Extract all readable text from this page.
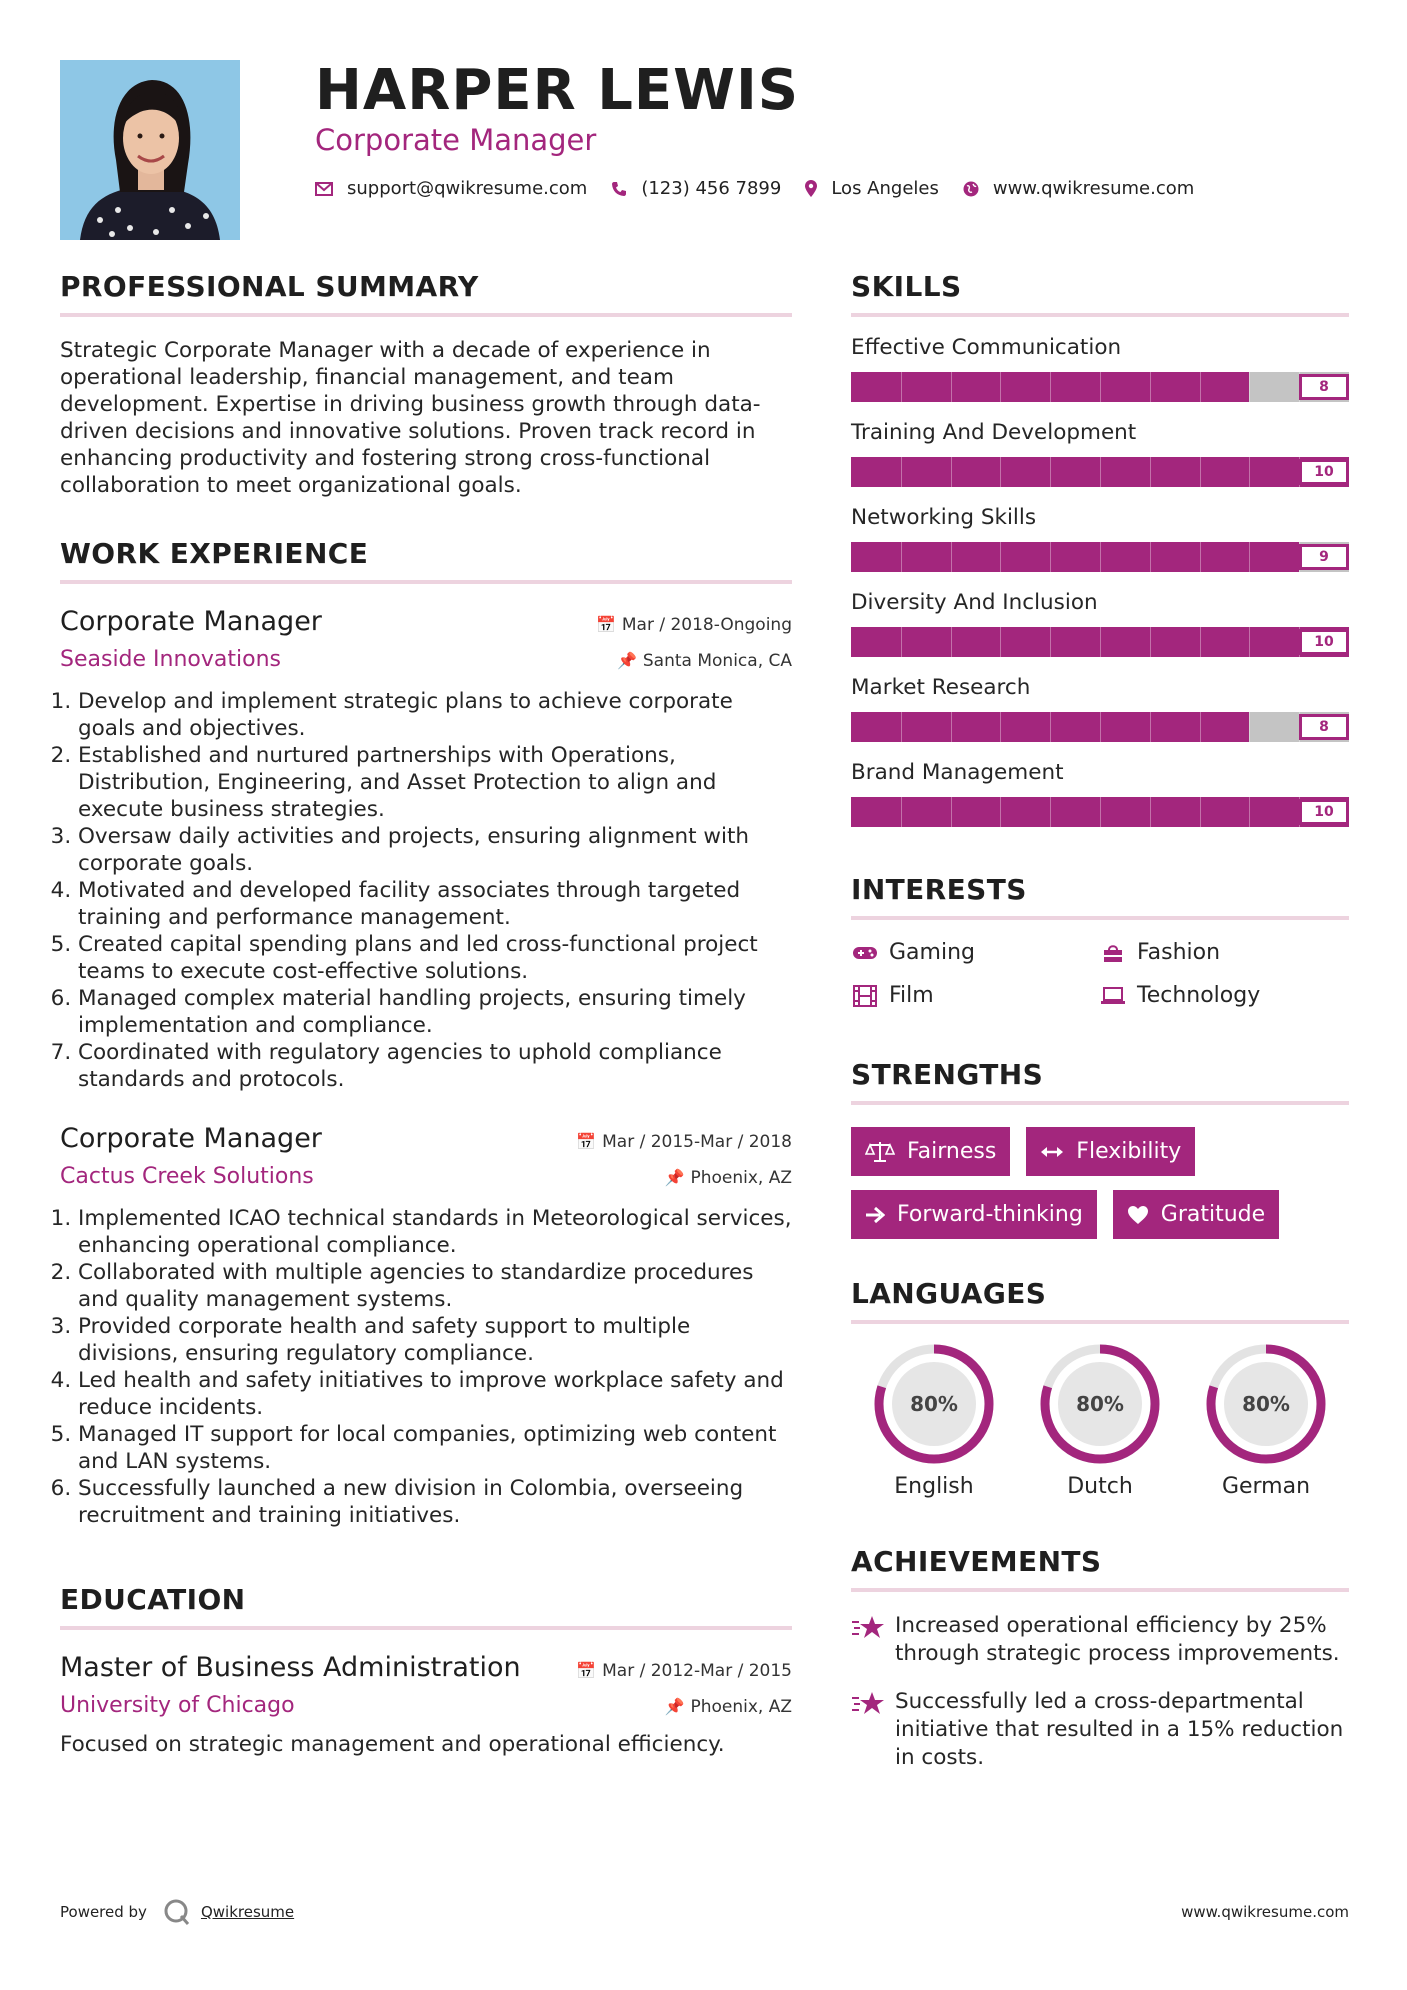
HARPER LEWIS
Corporate Manager
support@qwikresume.com	(123) 456 7899	Los Angeles	www.qwikresume.com
PROFESSIONAL SUMMARY

Strategic Corporate Manager with a decade of experience in operational leadership, financial management, and team development. Expertise in driving business growth through data-driven decisions and innovative solutions. Proven track record in enhancing productivity and fostering strong cross-functional collaboration to meet organizational goals.

WORK EXPERIENCE
Corporate Manager	📅 Mar / 2018-Ongoing
Seaside Innovations	📌 Santa Monica, CA
1. Develop and implement strategic plans to achieve corporate goals and objectives.
2. Established and nurtured partnerships with Operations, Distribution, Engineering, and Asset Protection to align and execute business strategies.
3. Oversaw daily activities and projects, ensuring alignment with corporate goals.
4. Motivated and developed facility associates through targeted training and performance management.
5. Created capital spending plans and led cross-functional project teams to execute cost-effective solutions.
6. Managed complex material handling projects, ensuring timely implementation and compliance.
7. Coordinated with regulatory agencies to uphold compliance standards and protocols.
Corporate Manager	📅 Mar / 2015-Mar / 2018
Cactus Creek Solutions	📌 Phoenix, AZ
1. Implemented ICAO technical standards in Meteorological services, enhancing operational compliance.
2. Collaborated with multiple agencies to standardize procedures and quality management systems.
3. Provided corporate health and safety support to multiple divisions, ensuring regulatory compliance.
4. Led health and safety initiatives to improve workplace safety and reduce incidents.
5. Managed IT support for local companies, optimizing web content and LAN systems.
6. Successfully launched a new division in Colombia, overseeing recruitment and training initiatives.
EDUCATION
Master of Business Administration	📅 Mar / 2012-Mar / 2015
University of Chicago	📌 Phoenix, AZ

Focused on strategic management and operational efficiency.

SKILLS
Effective Communication
8
Training And Development
10
Networking Skills
9
Diversity And Inclusion
10
Market Research
8
Brand Management
10
INTERESTS
Gaming	Fashion
Film	Technology
STRENGTHS
Fairness	Flexibility
Forward-thinking	Gratitude
LANGUAGES
80%
English
80%
Dutch
80%
German
ACHIEVEMENTS
Increased operational efficiency by 25% through strategic process improvements.
Successfully led a cross-departmental initiative that resulted in a 15% reduction in costs.
Powered by	Qwikresume	www.qwikresume.com
